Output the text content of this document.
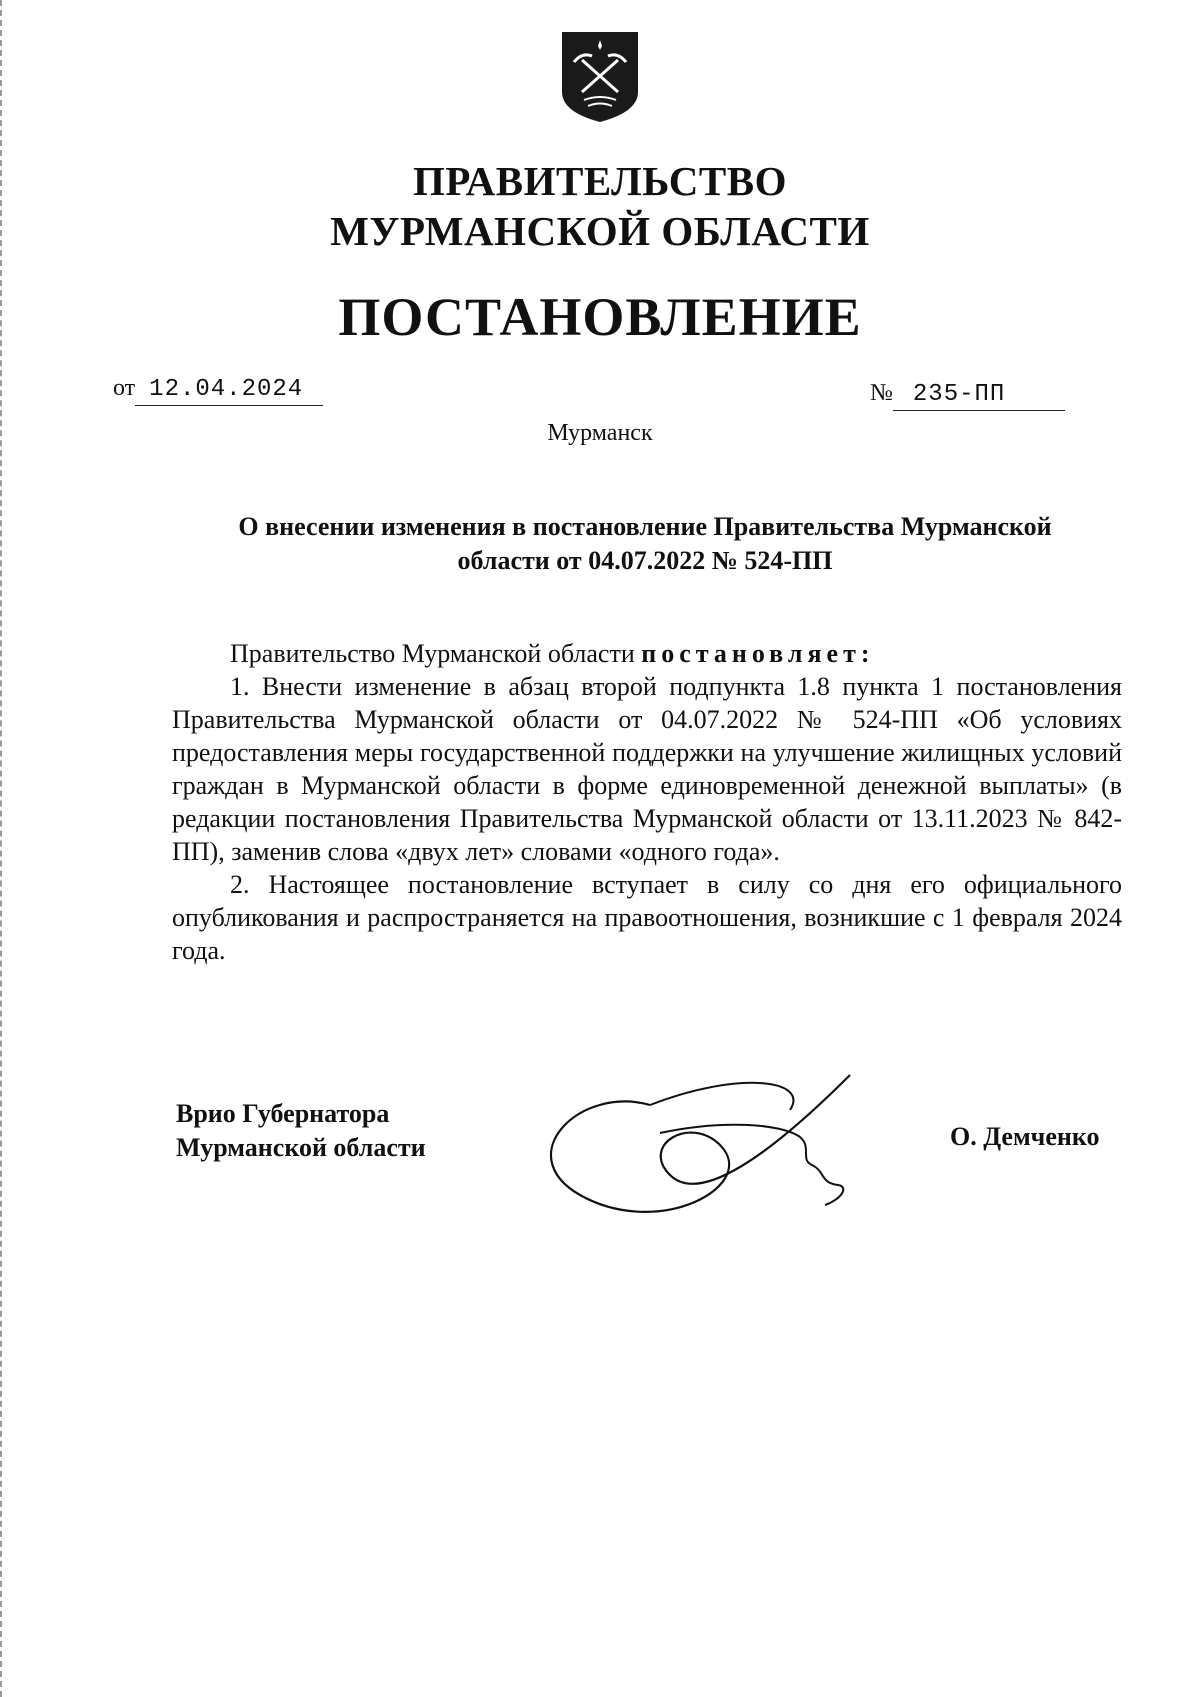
ПРАВИТЕЛЬСТВО
МУРМАНСКОЙ ОБЛАСТИ
ПОСТАНОВЛЕНИЕ
от 12.04.2024	№ 235-ПП
Мурманск
О внесении изменения в постановление Правительства Мурманской
области от 04.07.2022 № 524-ПП

Правительство Мурманской области постановляет:

1. Внести изменение в абзац второй подпункта 1.8 пункта 1 постановления Правительства Мурманской области от 04.07.2022 № 524-ПП «Об условиях предоставления меры государственной поддержки на улучшение жилищных условий граждан в Мурманской области в форме единовременной денежной выплаты» (в редакции постановления Правительства Мурманской области от 13.11.2023 № 842-ПП), заменив слова «двух лет» словами «одного года».

2. Настоящее постановление вступает в силу со дня его официального опубликования и распространяется на правоотношения, возникшие с 1 февраля 2024 года.

Врио Губернатора
Мурманской области	О. Демченко
